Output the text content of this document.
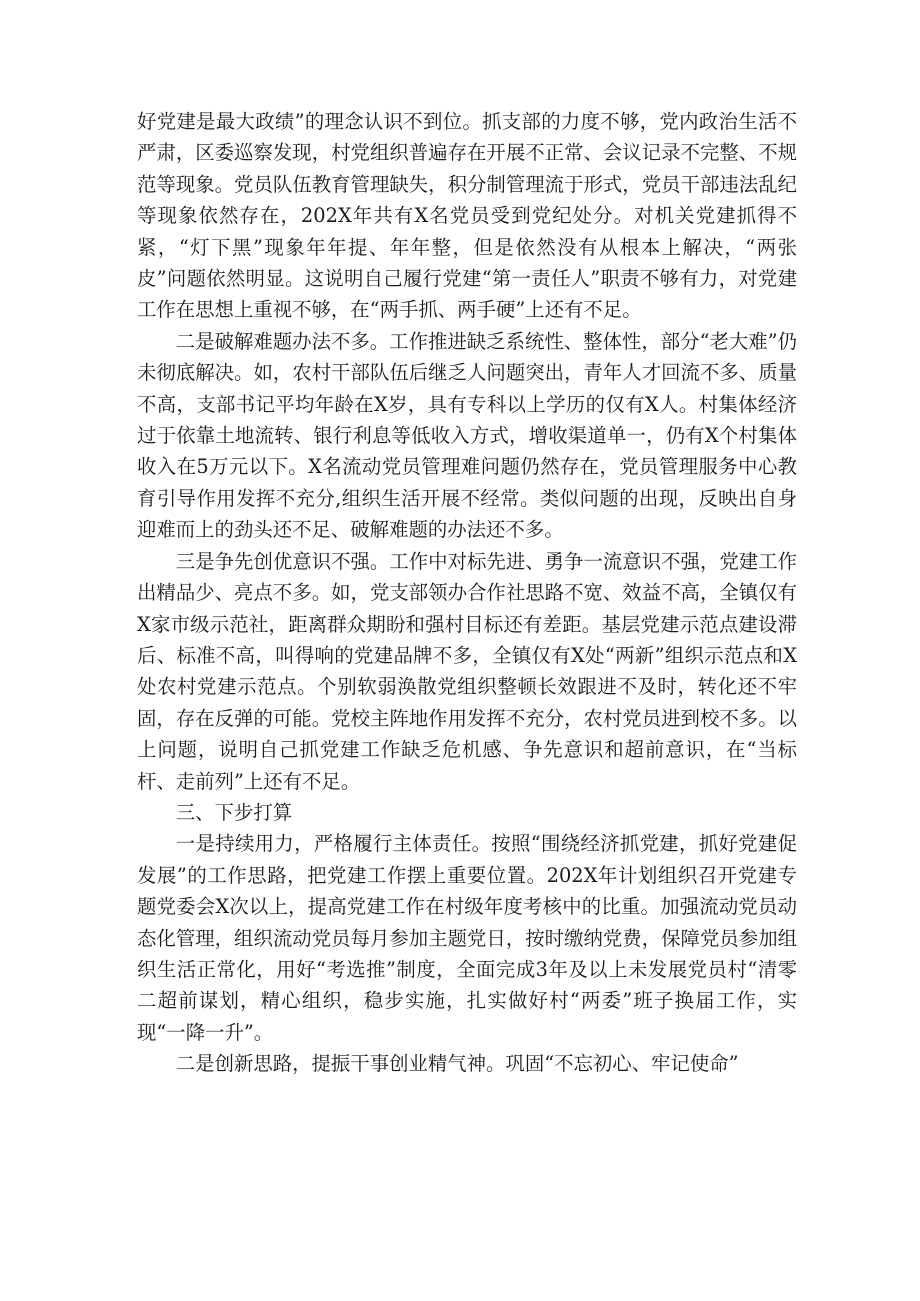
好党建是最大政绩”的理念认识不到位。抓支部的力度不够，党内政治生活不严肃，区委巡察发现，村党组织普遍存在开展不正常、会议记录不完整、不规范等现象。党员队伍教育管理缺失，积分制管理流于形式，党员干部违法乱纪等现象依然存在，202X年共有X名党员受到党纪处分。对机关党建抓得不紧，“灯下黑”现象年年提、年年整，但是依然没有从根本上解决，“两张皮”问题依然明显。这说明自己履行党建“第一责任人”职责不够有力，对党建工作在思想上重视不够，在“两手抓、两手硬”上还有不足。

二是破解难题办法不多。工作推进缺乏系统性、整体性，部分“老大难”仍未彻底解决。如，农村干部队伍后继乏人问题突出，青年人才回流不多、质量不高，支部书记平均年龄在X岁，具有专科以上学历的仅有X人。村集体经济过于依靠土地流转、银行利息等低收入方式，增收渠道单一，仍有X个村集体收入在5万元以下。X名流动党员管理难问题仍然存在，党员管理服务中心教育引导作用发挥不充分,组织生活开展不经常。类似问题的出现，反映出自身迎难而上的劲头还不足、破解难题的办法还不多。

三是争先创优意识不强。工作中对标先进、勇争一流意识不强，党建工作出精品少、亮点不多。如，党支部领办合作社思路不宽、效益不高，全镇仅有X家市级示范社，距离群众期盼和强村目标还有差距。基层党建示范点建设滞后、标准不高，叫得响的党建品牌不多，全镇仅有X处“两新”组织示范点和X处农村党建示范点。个别软弱涣散党组织整顿长效跟进不及时，转化还不牢固，存在反弹的可能。党校主阵地作用发挥不充分，农村党员进到校不多。以上问题，说明自己抓党建工作缺乏危机感、争先意识和超前意识，在“当标杆、走前列”上还有不足。

三、下步打算

一是持续用力，严格履行主体责任。按照“围绕经济抓党建，抓好党建促发展”的工作思路，把党建工作摆上重要位置。202X年计划组织召开党建专题党委会X次以上，提高党建工作在村级年度考核中的比重。加强流动党员动态化管理，组织流动党员每月参加主题党日，按时缴纳党费，保障党员参加组织生活正常化，用好“考选推”制度，全面完成3年及以上未发展党员村“清零二超前谋划，精心组织，稳步实施，扎实做好村“两委”班子换届工作，实现“一降一升”。

二是创新思路，提振干事创业精气神。巩固“不忘初心、牢记使命”
